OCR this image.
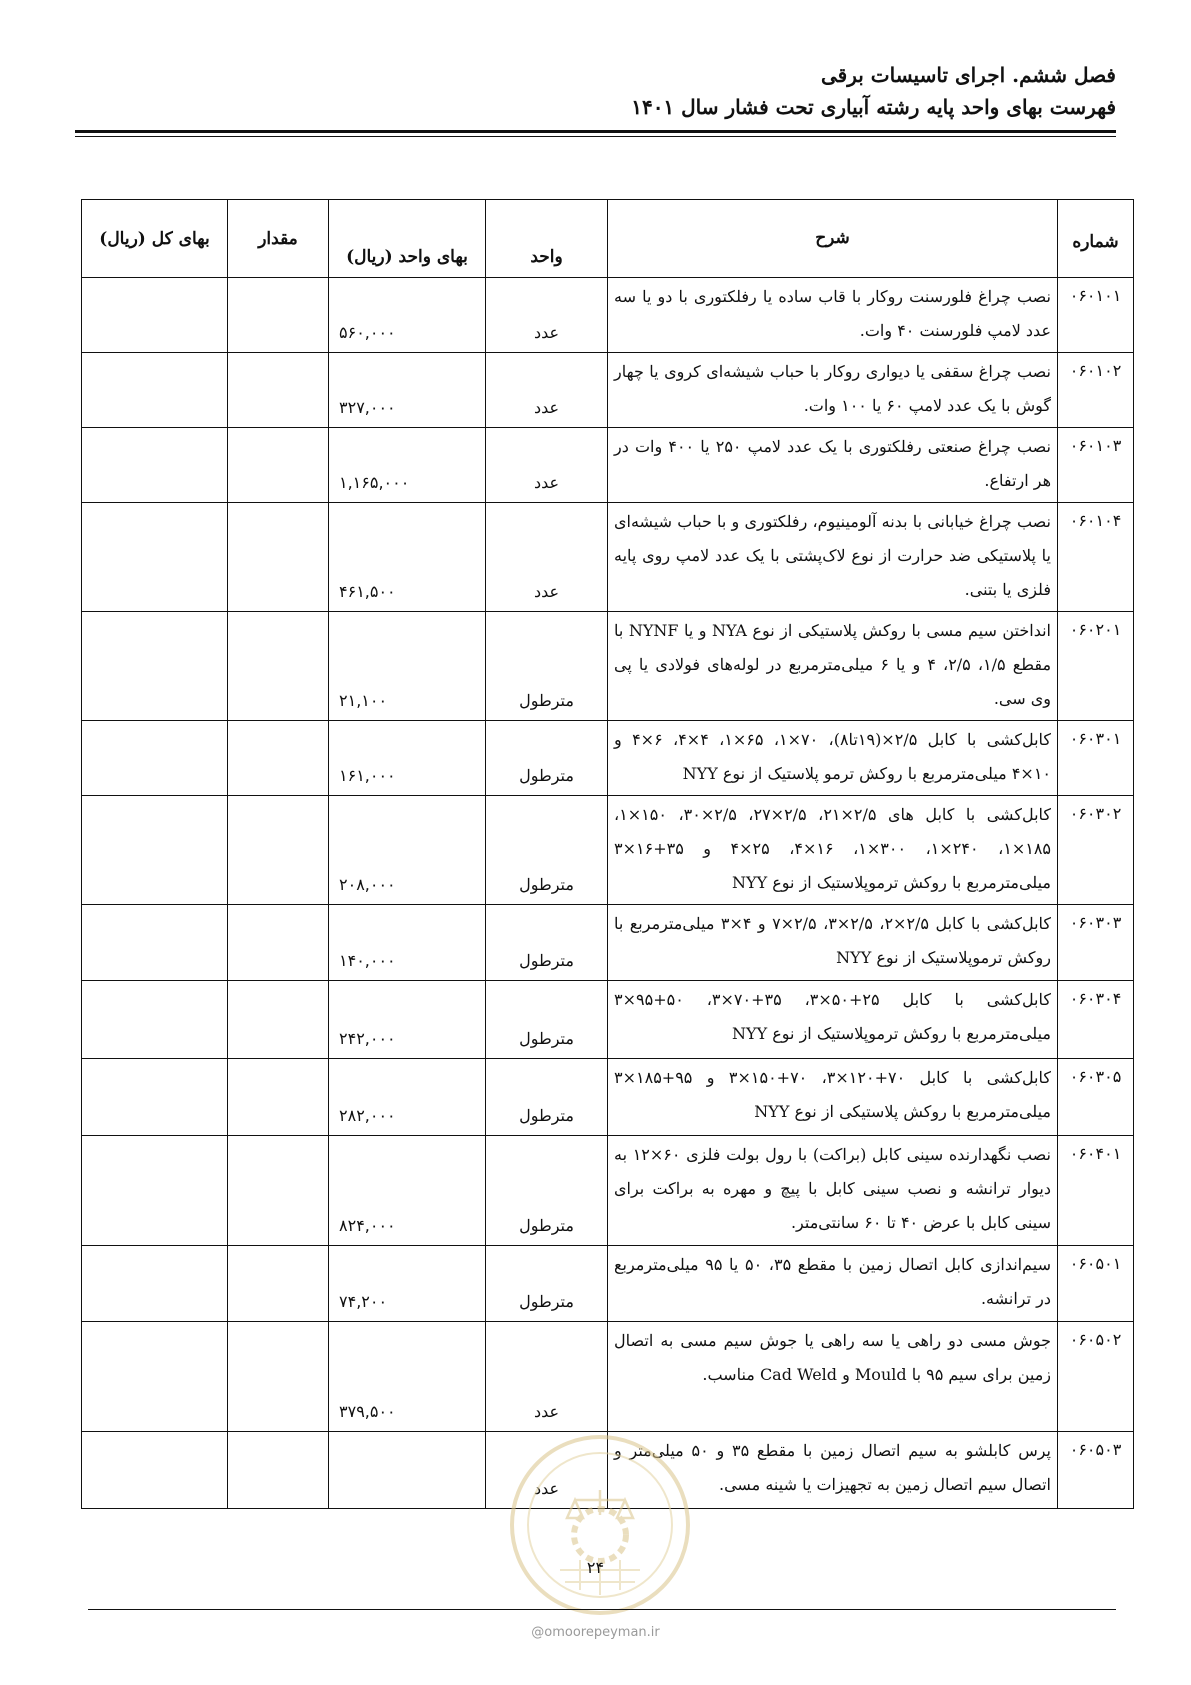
فصل ششم. اجرای تاسیسات برقی
فهرست بهای واحد پایه رشته آبیاری تحت فشار سال ۱۴۰۱
شماره	شرح	واحد	بهای واحد (ریال)	مقدار	بهای کل (ریال)
۰۶۰۱۰۱	نصب چراغ فلورسنت روکار با قاب ساده یا رفلکتوری با دو یا سه عدد لامپ فلورسنت ۴۰ وات.	عدد	۵۶۰,۰۰۰		
۰۶۰۱۰۲	نصب چراغ سقفی یا دیواری روکار با حباب شیشه‌ای کروی یا چهار گوش با یک عدد لامپ ۶۰ یا ۱۰۰ وات.	عدد	۳۲۷,۰۰۰		
۰۶۰۱۰۳	نصب چراغ صنعتی رفلکتوری با یک عدد لامپ ۲۵۰ یا ۴۰۰ وات در هر ارتفاع.	عدد	۱,۱۶۵,۰۰۰		
۰۶۰۱۰۴	نصب چراغ خیابانی با بدنه آلومینیوم، رفلکتوری و با حباب شیشه‌ای یا پلاستیکی ضد حرارت از نوع لاک‌پشتی با یک عدد لامپ روی پایه فلزی یا بتنی.	عدد	۴۶۱,۵۰۰		
۰۶۰۲۰۱	انداختن سیم مسی با روکش پلاستیکی از نوع NYA و یا NYNF با مقطع ۱/۵، ۲/۵، ۴ و یا ۶ میلی‌مترمربع در لوله‌های فولادی یا پی وی سی.	مترطول	۲۱,۱۰۰		
۰۶۰۳۰۱	کابل‌کشی با کابل ۲/۵×(۱۹تا۸)، ۷۰×۱، ۶۵×۱، ۴×۴، ۶×۴ و ۱۰×۴ میلی‌مترمربع با روکش ترمو پلاستیک از نوع NYY	مترطول	۱۶۱,۰۰۰		
۰۶۰۳۰۲	کابل‌کشی با کابل های ۲/۵×۲۱، ۲/۵×۲۷، ۲/۵×۳۰، ۱۵۰×۱، ۱۸۵×۱، ۲۴۰×۱، ۳۰۰×۱، ۱۶×۴، ۲۵×۴ و ۳۵+۱۶×۳ میلی‌مترمربع با روکش ترموپلاستیک از نوع NYY	مترطول	۲۰۸,۰۰۰		
۰۶۰۳۰۳	کابل‌کشی با کابل ۲/۵×۲، ۲/۵×۳، ۲/۵×۷ و ۴×۳ میلی‌مترمربع با روکش ترموپلاستیک از نوع NYY	مترطول	۱۴۰,۰۰۰		
۰۶۰۳۰۴	کابل‌کشی با کابل ۲۵+۵۰×۳، ۳۵+۷۰×۳، ۵۰+۹۵×۳ میلی‌مترمربع با روکش ترموپلاستیک از نوع NYY	مترطول	۲۴۲,۰۰۰		
۰۶۰۳۰۵	کابل‌کشی با کابل ۷۰+۱۲۰×۳، ۷۰+۱۵۰×۳ و ۹۵+۱۸۵×۳ میلی‌مترمربع با روکش پلاستیکی از نوع NYY	مترطول	۲۸۲,۰۰۰		
۰۶۰۴۰۱	نصب نگهدارنده سینی کابل (براکت) با رول بولت فلزی ۶۰×۱۲ به دیوار ترانشه و نصب سینی کابل با پیچ و مهره به براکت برای سینی کابل با عرض ۴۰ تا ۶۰ سانتی‌متر.	مترطول	۸۲۴,۰۰۰		
۰۶۰۵۰۱	سیم‌اندازی کابل اتصال زمین با مقطع ۳۵، ۵۰ یا ۹۵ میلی‌مترمربع در ترانشه.	مترطول	۷۴,۲۰۰		
۰۶۰۵۰۲	جوش مسی دو راهی یا سه راهی یا جوش سیم مسی به اتصال زمین برای سیم ۹۵ با Mould و Cad Weld مناسب.	عدد	۳۷۹,۵۰۰		
۰۶۰۵۰۳	پرس کابلشو به سیم اتصال زمین با مقطع ۳۵ و ۵۰ میلی‌متر و اتصال سیم اتصال زمین به تجهیزات یا شینه مسی.	عدد			
۲۴
@omoorepeyman.ir
